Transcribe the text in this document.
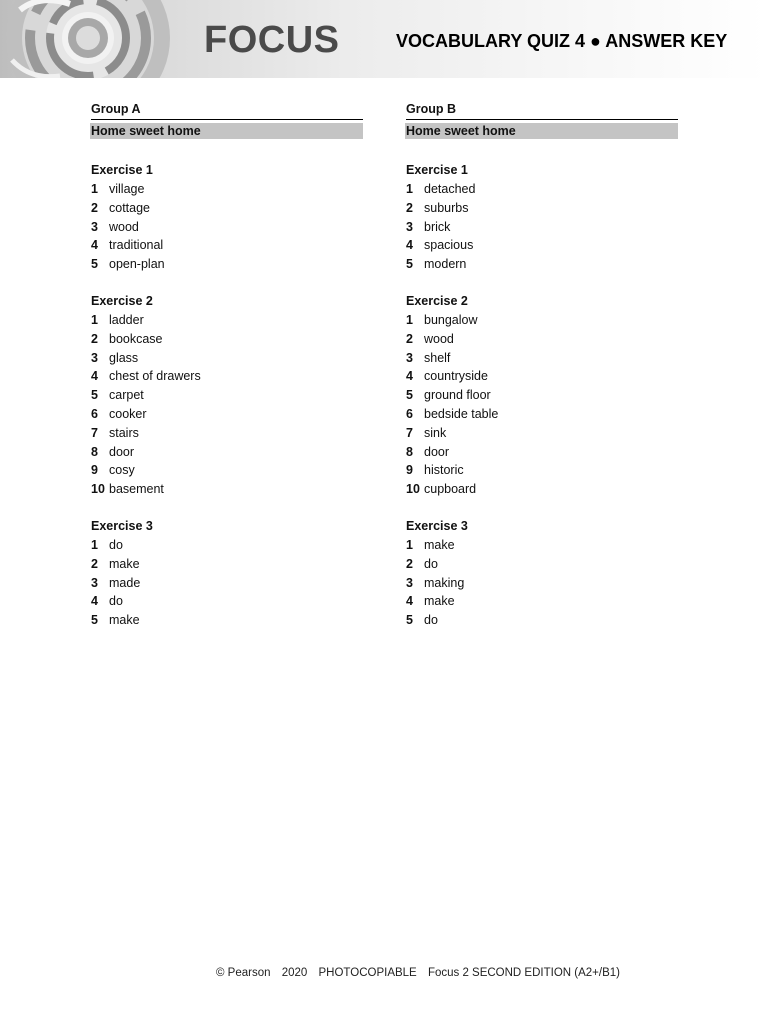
FOCUS	VOCABULARY QUIZ 4 ● ANSWER KEY
Group A
Home sweet home
Exercise 1
1 village
2 cottage
3 wood
4 traditional
5 open-plan
Exercise 2
1 ladder
2 bookcase
3 glass
4 chest of drawers
5 carpet
6 cooker
7 stairs
8 door
9 cosy
10 basement
Exercise 3
1 do
2 make
3 made
4 do
5 make
Group B
Home sweet home
Exercise 1
1 detached
2 suburbs
3 brick
4 spacious
5 modern
Exercise 2
1 bungalow
2 wood
3 shelf
4 countryside
5 ground floor
6 bedside table
7 sink
8 door
9 historic
10 cupboard
Exercise 3
1 make
2 do
3 making
4 make
5 do
© Pearson 2020 PHOTOCOPIABLE Focus 2 SECOND EDITION (A2+/B1)
